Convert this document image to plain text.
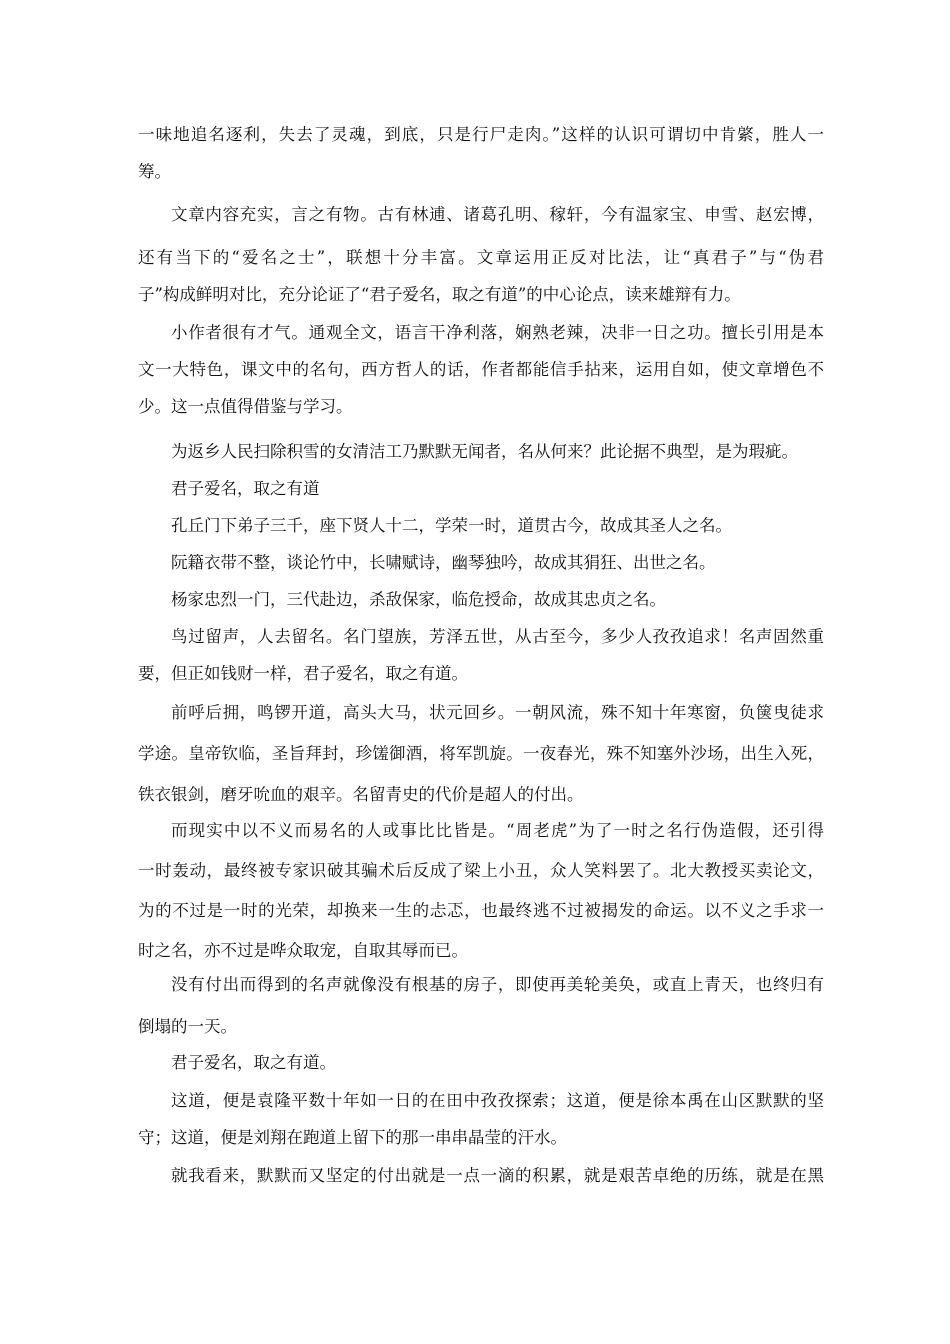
一味地追名逐利，失去了灵魂，到底，只是行尸走肉。”这样的认识可谓切中肯綮，胜人一
筹。
文章内容充实，言之有物。古有林逋、诸葛孔明、稼轩，今有温家宝、申雪、赵宏博，
还有当下的“爱名之士”，联想十分丰富。文章运用正反对比法，让“真君子”与“伪君
子”构成鲜明对比，充分论证了“君子爱名，取之有道”的中心论点，读来雄辩有力。
小作者很有才气。通观全文，语言干净利落，娴熟老辣，决非一日之功。擅长引用是本
文一大特色，课文中的名句，西方哲人的话，作者都能信手拈来，运用自如，使文章增色不
少。这一点值得借鉴与学习。
为返乡人民扫除积雪的女清洁工乃默默无闻者，名从何来？此论据不典型，是为瑕疵。
君子爱名，取之有道
孔丘门下弟子三千，座下贤人十二，学荣一时，道贯古今，故成其圣人之名。
阮籍衣带不整，谈论竹中，长啸赋诗，幽琴独吟，故成其狷狂、出世之名。
杨家忠烈一门，三代赴边，杀敌保家，临危授命，故成其忠贞之名。
鸟过留声，人去留名。名门望族，芳泽五世，从古至今，多少人孜孜追求！名声固然重
要，但正如钱财一样，君子爱名，取之有道。
前呼后拥，鸣锣开道，高头大马，状元回乡。一朝风流，殊不知十年寒窗，负箧曳徒求
学途。皇帝钦临，圣旨拜封，珍馐御酒，将军凯旋。一夜春光，殊不知塞外沙场，出生入死，
铁衣银剑，磨牙吮血的艰辛。名留青史的代价是超人的付出。
而现实中以不义而易名的人或事比比皆是。“周老虎”为了一时之名行伪造假，还引得
一时轰动，最终被专家识破其骗术后反成了梁上小丑，众人笑料罢了。北大教授买卖论文，
为的不过是一时的光荣，却换来一生的忐忑，也最终逃不过被揭发的命运。以不义之手求一
时之名，亦不过是哗众取宠，自取其辱而已。
没有付出而得到的名声就像没有根基的房子，即使再美轮美奂，或直上青天，也终归有
倒塌的一天。
君子爱名，取之有道。
这道，便是袁隆平数十年如一日的在田中孜孜探索；这道，便是徐本禹在山区默默的坚
守；这道，便是刘翔在跑道上留下的那一串串晶莹的汗水。
就我看来，默默而又坚定的付出就是一点一滴的积累，就是艰苦卓绝的历练，就是在黑
